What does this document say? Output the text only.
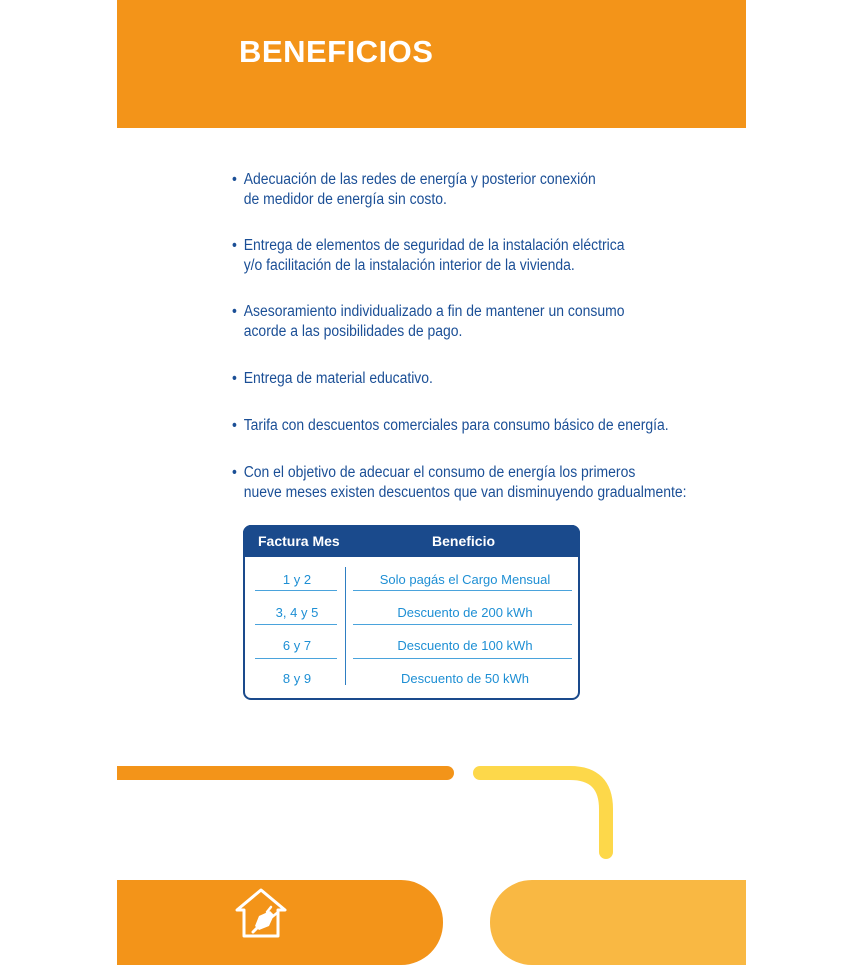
BENEFICIOS
• Adecuación de las redes de energía y posterior conexión
de medidor de energía sin costo.
• Entrega de elementos de seguridad de la instalación eléctrica
y/o facilitación de la instalación interior de la vivienda.
• Asesoramiento individualizado a fin de mantener un consumo
acorde a las posibilidades de pago.
• Entrega de material educativo.
• Tarifa con descuentos comerciales para consumo básico de energía.
• Con el objetivo de adecuar el consumo de energía los primeros
nueve meses existen descuentos que van disminuyendo gradualmente:
Factura Mes	Beneficio
1 y 2	Solo pagás el Cargo Mensual
3, 4 y 5	Descuento de 200 kWh
6 y 7	Descuento de 100 kWh
8 y 9	Descuento de 50 kWh
